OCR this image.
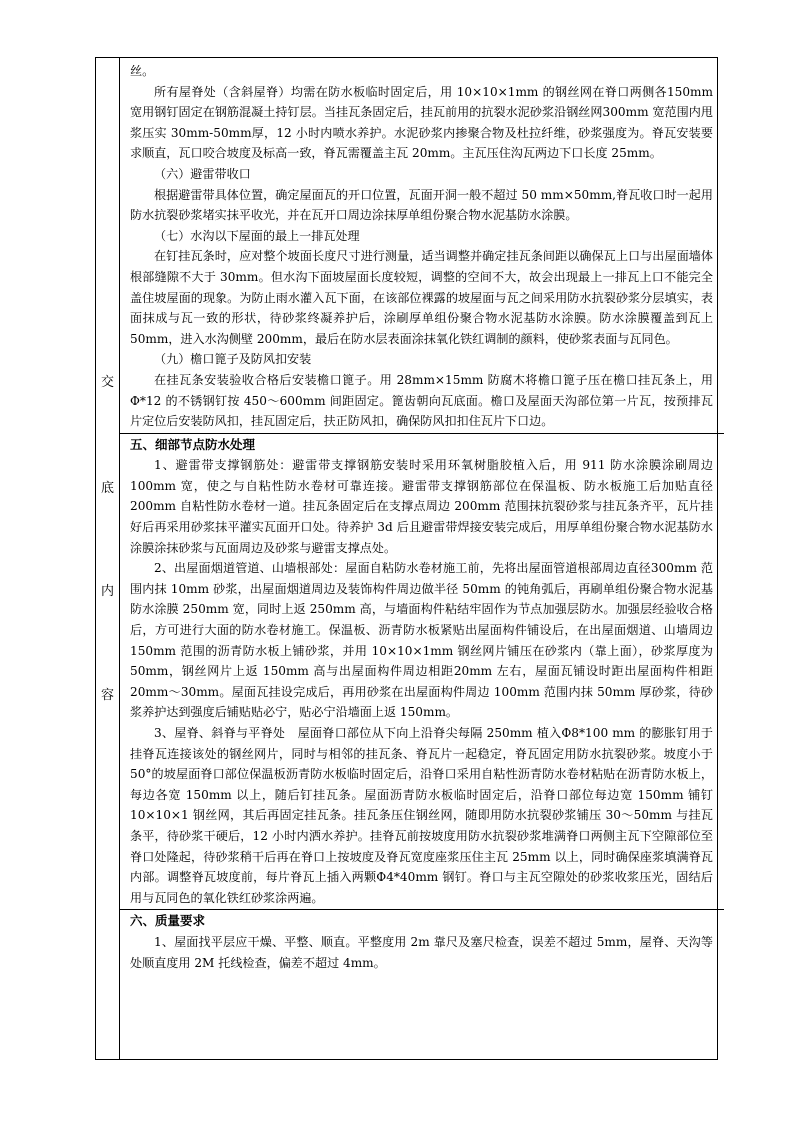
交
底
内
容

丝。

所有屋脊处（含斜屋脊）均需在防水板临时固定后，用 10×10×1mm 的钢丝网在脊口两侧各150mm 宽用钢钉固定在钢筋混凝土持钉层。当挂瓦条固定后，挂瓦前用的抗裂水泥砂浆沿钢丝网300mm 宽范围内甩浆压实 30mm-50mm厚，12 小时内喷水养护。水泥砂浆内掺聚合物及杜拉纤维，砂浆强度为。脊瓦安装要求顺直，瓦口咬合坡度及标高一致，脊瓦需覆盖主瓦 20mm。主瓦压住沟瓦两边下口长度 25mm。

（六）避雷带收口

根据避雷带具体位置，确定屋面瓦的开口位置，瓦面开洞一般不超过 50 mm×50mm,脊瓦收口时一起用防水抗裂砂浆堵实抹平收光，并在瓦开口周边涂抹厚单组份聚合物水泥基防水涂膜。

（七）水沟以下屋面的最上一排瓦处理

在钉挂瓦条时，应对整个坡面长度尺寸进行测量，适当调整并确定挂瓦条间距以确保瓦上口与出屋面墙体根部缝隙不大于 30mm。但水沟下面坡屋面长度较短，调整的空间不大，故会出现最上一排瓦上口不能完全盖住坡屋面的现象。为防止雨水灌入瓦下面，在该部位裸露的坡屋面与瓦之间采用防水抗裂砂浆分层填实，表面抹成与瓦一致的形状，待砂浆终凝养护后，涂刷厚单组份聚合物水泥基防水涂膜。防水涂膜覆盖到瓦上 50mm，进入水沟侧壁 200mm，最后在防水层表面涂抹氧化铁红调制的颜料，使砂浆表面与瓦同色。

（九）檐口篦子及防风扣安装

在挂瓦条安装验收合格后安装檐口篦子。用 28mm×15mm 防腐木将檐口篦子压在檐口挂瓦条上，用Φ*12 的不锈钢钉按 450～600mm 间距固定。篦齿朝向瓦底面。檐口及屋面天沟部位第一片瓦，按预排瓦片定位后安装防风扣，挂瓦固定后，扶正防风扣，确保防风扣扣住瓦片下口边。

五、细部节点防水处理

1、避雷带支撑钢筋处：避雷带支撑钢筋安装时采用环氧树脂胶植入后，用 911 防水涂膜涂刷周边 100mm 宽，使之与自粘性防水卷材可靠连接。避雷带支撑钢筋部位在保温板、防水板施工后加贴直径 200mm 自粘性防水卷材一道。挂瓦条固定后在支撑点周边 200mm 范围抹抗裂砂浆与挂瓦条齐平，瓦片挂好后再采用砂浆抹平灌实瓦面开口处。待养护 3d 后且避雷带焊接安装完成后，用厚单组份聚合物水泥基防水涂膜涂抹砂浆与瓦面周边及砂浆与避雷支撑点处。

2、出屋面烟道管道、山墙根部处：屋面自粘防水卷材施工前，先将出屋面管道根部周边直径300mm 范围内抹 10mm 砂浆，出屋面烟道周边及装饰构件周边做半径 50mm 的钝角弧后，再刷单组份聚合物水泥基防水涂膜 250mm 宽，同时上返 250mm 高，与墙面构件粘结牢固作为节点加强层防水。加强层经验收合格后，方可进行大面的防水卷材施工。保温板、沥青防水板紧贴出屋面构件铺设后，在出屋面烟道、山墙周边 150mm 范围的沥青防水板上铺砂浆，并用 10×10×1mm 钢丝网片铺压在砂浆内（靠上面），砂浆厚度为 50mm，钢丝网片上返 150mm 高与出屋面构件周边相距20mm 左右，屋面瓦铺设时距出屋面构件相距 20mm～30mm。屋面瓦挂设完成后，再用砂浆在出屋面构件周边 100mm 范围内抹 50mm 厚砂浆，待砂浆养护达到强度后铺贴贴必宁，贴必宁沿墙面上返 150mm。

3、屋脊、斜脊与平脊处　屋面脊口部位从下向上沿脊尖每隔 250mm 植入Φ8*100 mm 的膨胀钉用于挂脊瓦连接该处的钢丝网片，同时与相邻的挂瓦条、脊瓦片一起稳定，脊瓦固定用防水抗裂砂浆。坡度小于 50°的坡屋面脊口部位保温板沥青防水板临时固定后，沿脊口采用自粘性沥青防水卷材粘贴在沥青防水板上，每边各宽 150mm 以上，随后钉挂瓦条。屋面沥青防水板临时固定后，沿脊口部位每边宽 150mm 铺钉 10×10×1 钢丝网，其后再固定挂瓦条。挂瓦条压住钢丝网，随即用防水抗裂砂浆铺压 30～50mm 与挂瓦条平，待砂浆干硬后，12 小时内洒水养护。挂脊瓦前按坡度用防水抗裂砂浆堆满脊口两侧主瓦下空隙部位至脊口处隆起，待砂浆稍干后再在脊口上按坡度及脊瓦宽度座浆压住主瓦 25mm 以上，同时确保座浆填满脊瓦内部。调整脊瓦坡度前，每片脊瓦上插入两颗Φ4*40mm 钢钉。脊口与主瓦空隙处的砂浆收浆压光，固结后用与瓦同色的氧化铁红砂浆涂两遍。

六、质量要求

1、屋面找平层应干燥、平整、顺直。平整度用 2m 靠尺及塞尺检查，误差不超过 5mm，屋脊、天沟等处顺直度用 2M 托线检查，偏差不超过 4mm。
